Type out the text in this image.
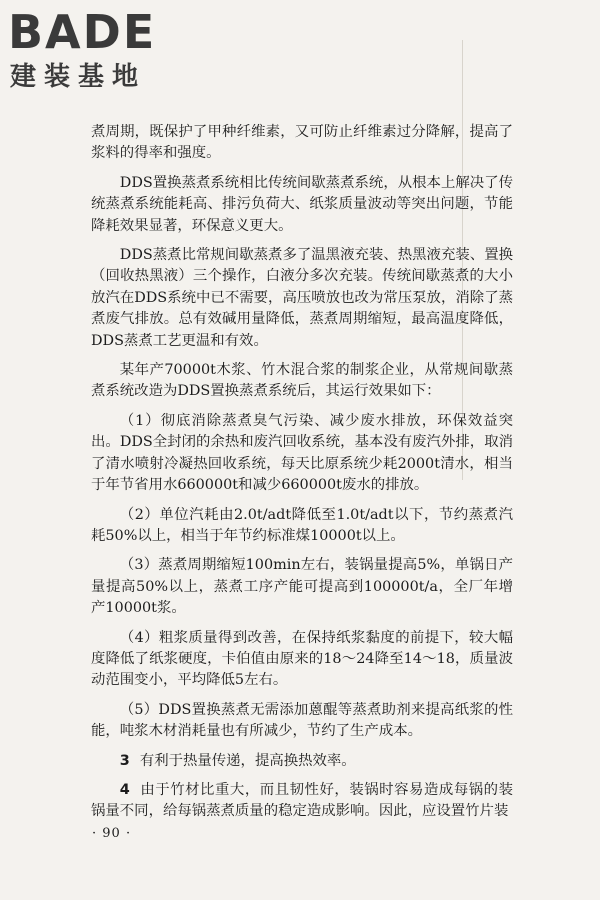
BADE
建装基地

煮周期，既保护了甲种纤维素，又可防止纤维素过分降解，提高了浆料的得率和强度。

DDS置换蒸煮系统相比传统间歇蒸煮系统，从根本上解决了传统蒸煮系统能耗高、排污负荷大、纸浆质量波动等突出问题，节能降耗效果显著，环保意义更大。

DDS蒸煮比常规间歇蒸煮多了温黑液充装、热黑液充装、置换（回收热黑液）三个操作，白液分多次充装。传统间歇蒸煮的大小放汽在DDS系统中已不需要，高压喷放也改为常压泵放，消除了蒸煮废气排放。总有效碱用量降低，蒸煮周期缩短，最高温度降低，DDS蒸煮工艺更温和有效。

某年产70000t木浆、竹木混合浆的制浆企业，从常规间歇蒸煮系统改造为DDS置换蒸煮系统后，其运行效果如下：

（1）彻底消除蒸煮臭气污染、减少废水排放，环保效益突出。DDS全封闭的余热和废汽回收系统，基本没有废汽外排，取消了清水喷射冷凝热回收系统，每天比原系统少耗2000t清水，相当于年节省用水660000t和减少660000t废水的排放。

（2）单位汽耗由2.0t/adt降低至1.0t/adt以下，节约蒸煮汽耗50%以上，相当于年节约标准煤10000t以上。

（3）蒸煮周期缩短100min左右，装锅量提高5%，单锅日产量提高50%以上，蒸煮工序产能可提高到100000t/a，全厂年增产10000t浆。

（4）粗浆质量得到改善，在保持纸浆黏度的前提下，较大幅度降低了纸浆硬度，卡伯值由原来的18～24降至14～18，质量波动范围变小，平均降低5左右。

（5）DDS置换蒸煮无需添加蒽醌等蒸煮助剂来提高纸浆的性能，吨浆木材消耗量也有所减少，节约了生产成本。

3 有利于热量传递，提高换热效率。

4 由于竹材比重大，而且韧性好，装锅时容易造成每锅的装锅量不同，给每锅蒸煮质量的稳定造成影响。因此，应设置竹片装

· 90 ·
